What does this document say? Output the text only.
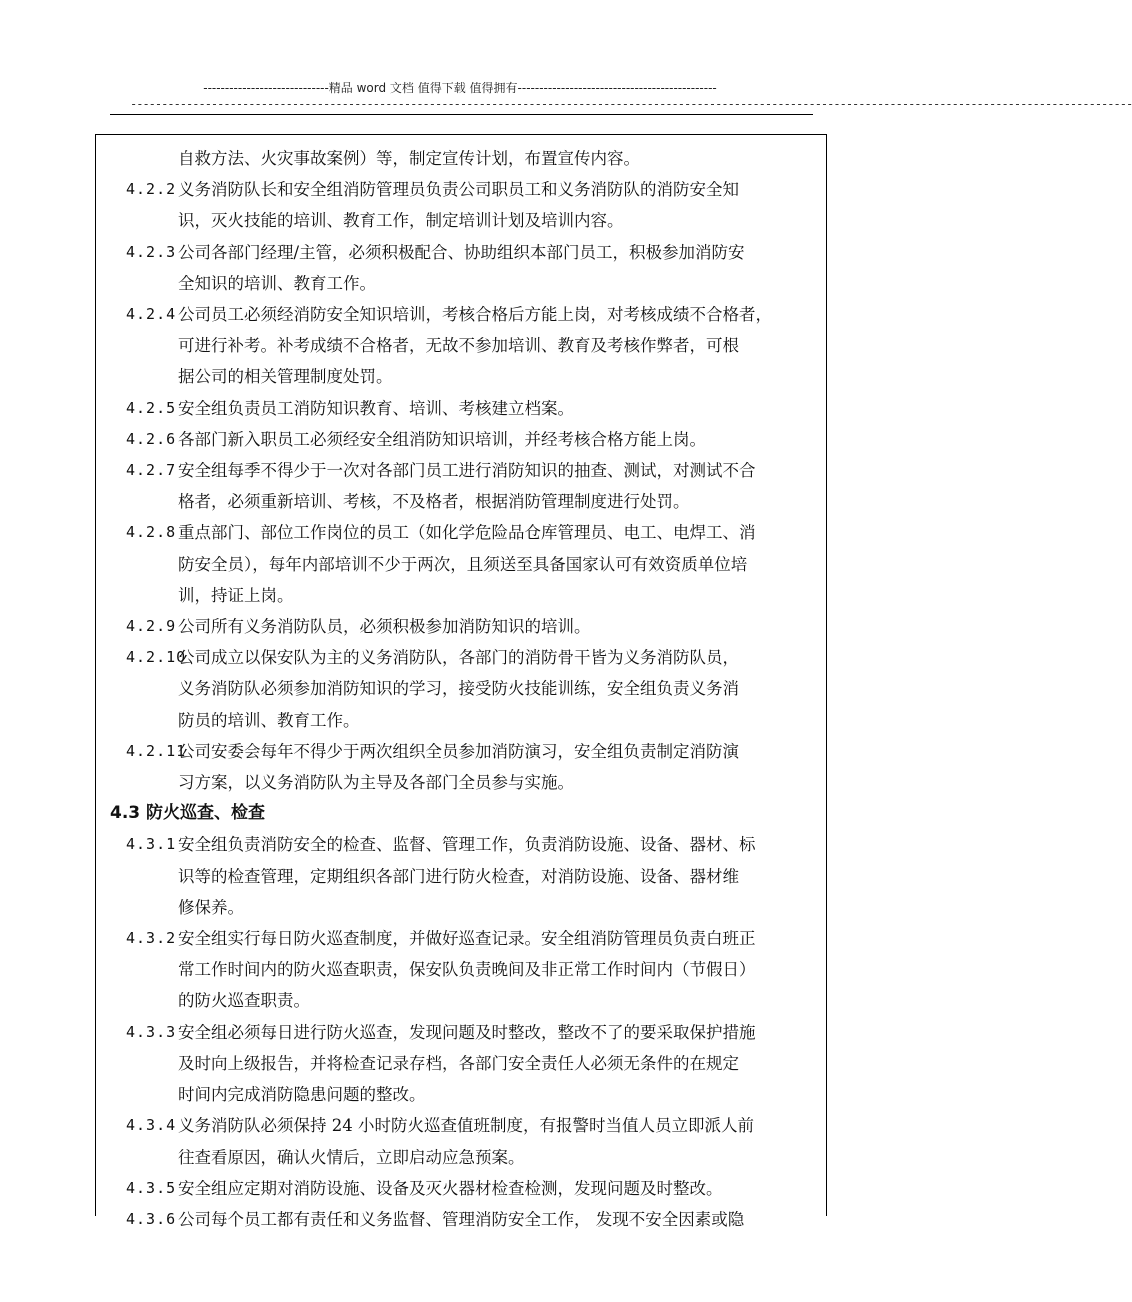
-----------------------------精品 word 文档 值得下载 值得拥有----------------------------------------------
-----------------------------------------------------------------------------------------------------------------------------------------------------------------
自救方法、火灾事故案例）等，制定宣传计划，布置宣传内容。
4.2.2 义务消防队长和安全组消防管理员负责公司职员工和义务消防队的消防安全知
识，灭火技能的培训、教育工作，制定培训计划及培训内容。
4.2.3 公司各部门经理/主管，必须积极配合、协助组织本部门员工，积极参加消防安
全知识的培训、教育工作。
4.2.4 公司员工必须经消防安全知识培训，考核合格后方能上岗，对考核成绩不合格者，
可进行补考。补考成绩不合格者，无故不参加培训、教育及考核作弊者，可根
据公司的相关管理制度处罚。
4.2.5 安全组负责员工消防知识教育、培训、考核建立档案。
4.2.6 各部门新入职员工必须经安全组消防知识培训，并经考核合格方能上岗。
4.2.7 安全组每季不得少于一次对各部门员工进行消防知识的抽查、测试，对测试不合
格者，必须重新培训、考核，不及格者，根据消防管理制度进行处罚。
4.2.8 重点部门、部位工作岗位的员工（如化学危险品仓库管理员、电工、电焊工、消
防安全员），每年内部培训不少于两次，且须送至具备国家认可有效资质单位培
训，持证上岗。
4.2.9 公司所有义务消防队员，必须积极参加消防知识的培训。
4.2.10
公司成立以保安队为主的义务消防队，各部门的消防骨干皆为义务消防队员，
义务消防队必须参加消防知识的学习，接受防火技能训练，安全组负责义务消
防员的培训、教育工作。
4.2.11
公司安委会每年不得少于两次组织全员参加消防演习，安全组负责制定消防演
习方案，以义务消防队为主导及各部门全员参与实施。
4.3 防火巡查、检查
4.3.1 安全组负责消防安全的检查、监督、管理工作，负责消防设施、设备、器材、标
识等的检查管理，定期组织各部门进行防火检查，对消防设施、设备、器材维
修保养。
4.3.2 安全组实行每日防火巡查制度，并做好巡查记录。安全组消防管理员负责白班正
常工作时间内的防火巡查职责，保安队负责晚间及非正常工作时间内（节假日）
的防火巡查职责。
4.3.3 安全组必须每日进行防火巡查，发现问题及时整改，整改不了的要采取保护措施
及时向上级报告，并将检查记录存档，各部门安全责任人必须无条件的在规定
时间内完成消防隐患问题的整改。
4.3.4 义务消防队必须保持 24 小时防火巡查值班制度，有报警时当值人员立即派人前
往查看原因，确认火情后，立即启动应急预案。
4.3.5 安全组应定期对消防设施、设备及灭火器材检查检测，发现问题及时整改。
4.3.6 公司每个员工都有责任和义务监督、管理消防安全工作， 发现不安全因素或隐
